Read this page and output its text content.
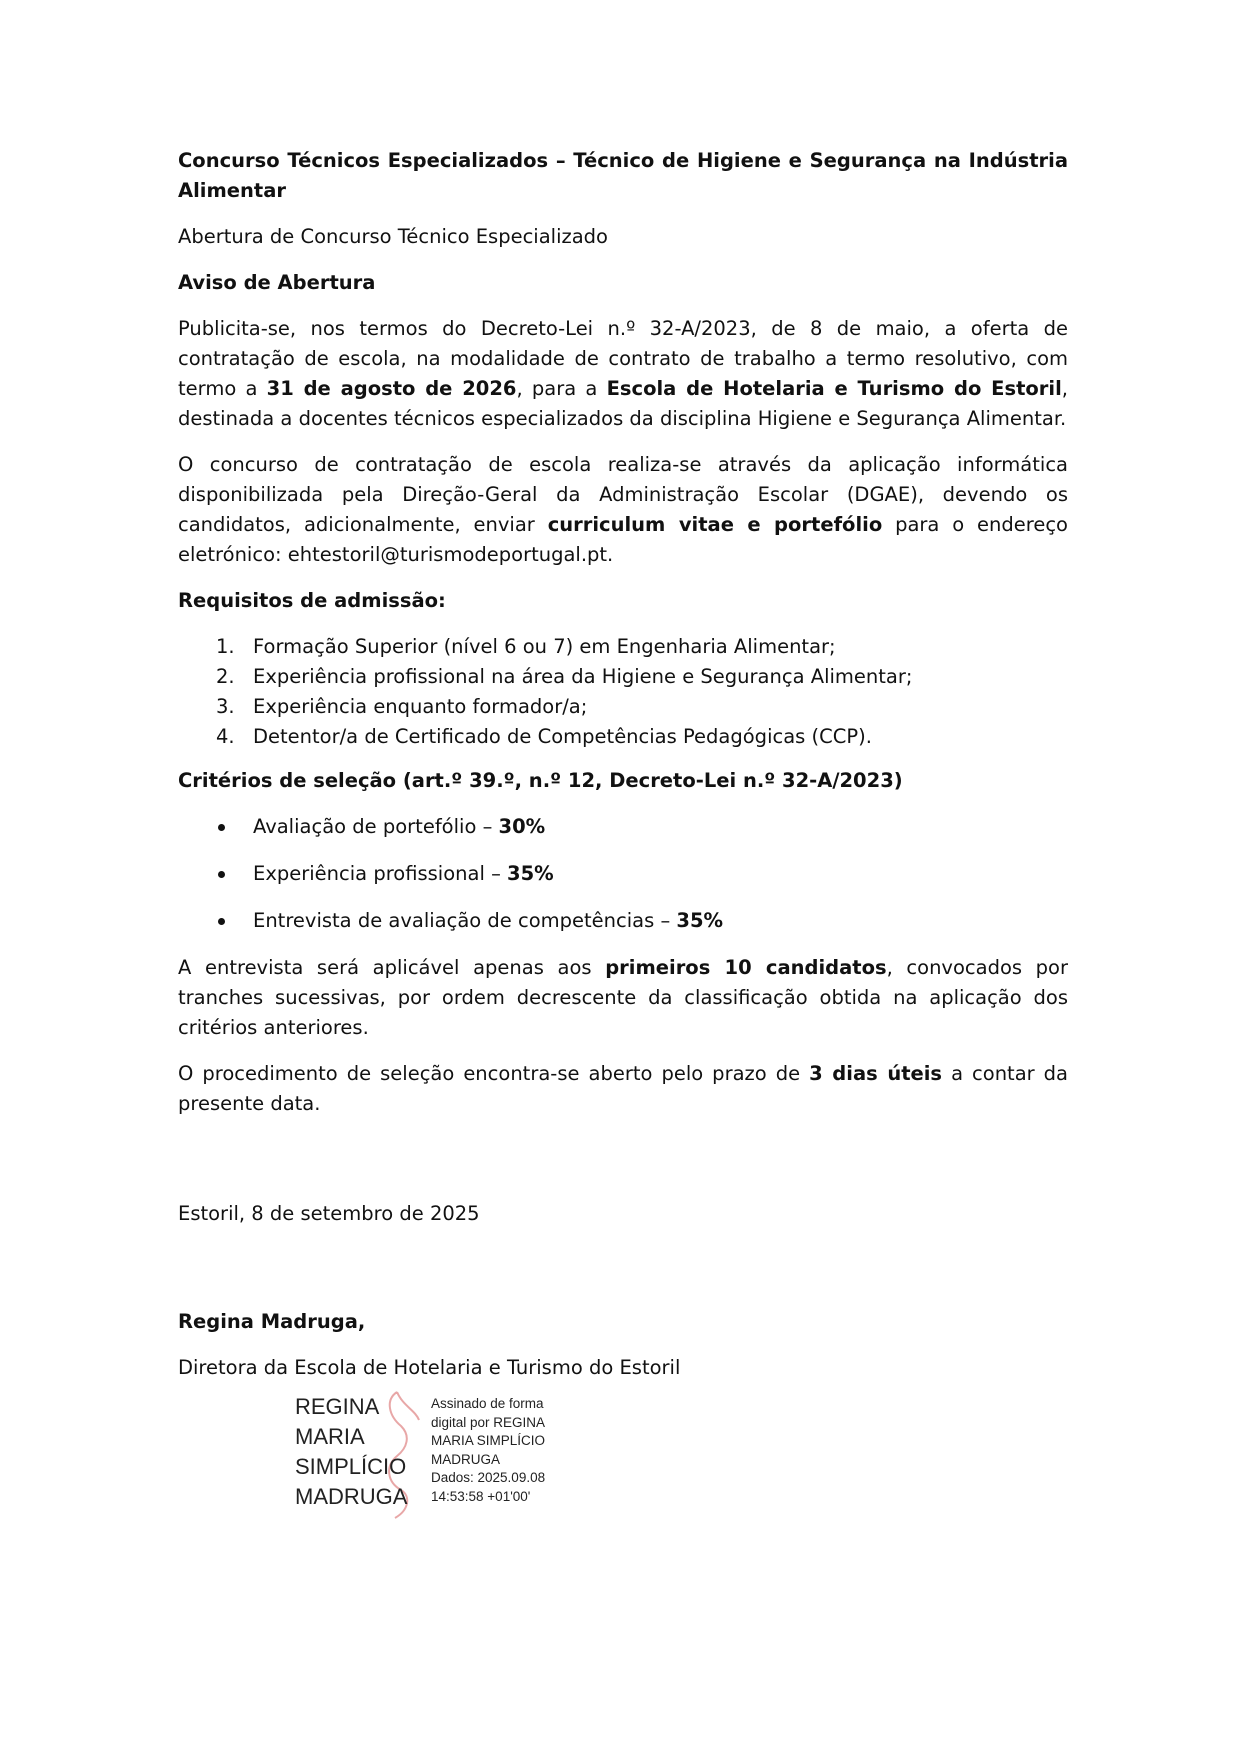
Concurso Técnicos Especializados – Técnico de Higiene e Segurança na Indústria Alimentar

Abertura de Concurso Técnico Especializado

Aviso de Abertura

Publicita-se, nos termos do Decreto-Lei n.º 32-A/2023, de 8 de maio, a oferta de contratação de escola, na modalidade de contrato de trabalho a termo resolutivo, com termo a 31 de agosto de 2026, para a Escola de Hotelaria e Turismo do Estoril, destinada a docentes técnicos especializados da disciplina Higiene e Segurança Alimentar.

O concurso de contratação de escola realiza-se através da aplicação informática disponibilizada pela Direção-Geral da Administração Escolar (DGAE), devendo os candidatos, adicionalmente, enviar curriculum vitae e portefólio para o endereço eletrónico: ehtestoril@turismodeportugal.pt.

Requisitos de admissão:

1. Formação Superior (nível 6 ou 7) em Engenharia Alimentar;
2. Experiência profissional na área da Higiene e Segurança Alimentar;
3. Experiência enquanto formador/a;
4. Detentor/a de Certificado de Competências Pedagógicas (CCP).

Critérios de seleção (art.º 39.º, n.º 12, Decreto-Lei n.º 32-A/2023)

Avaliação de portefólio – 30%
Experiência profissional – 35%
Entrevista de avaliação de competências – 35%

A entrevista será aplicável apenas aos primeiros 10 candidatos, convocados por tranches sucessivas, por ordem decrescente da classificação obtida na aplicação dos critérios anteriores.

O procedimento de seleção encontra-se aberto pelo prazo de 3 dias úteis a contar da presente data.

Estoril, 8 de setembro de 2025

Regina Madruga,

Diretora da Escola de Hotelaria e Turismo do Estoril

REGINA
MARIA
SIMPLÍCIO
MADRUGA
Assinado de forma
digital por REGINA
MARIA SIMPLÍCIO
MADRUGA
Dados: 2025.09.08
14:53:58 +01'00'
